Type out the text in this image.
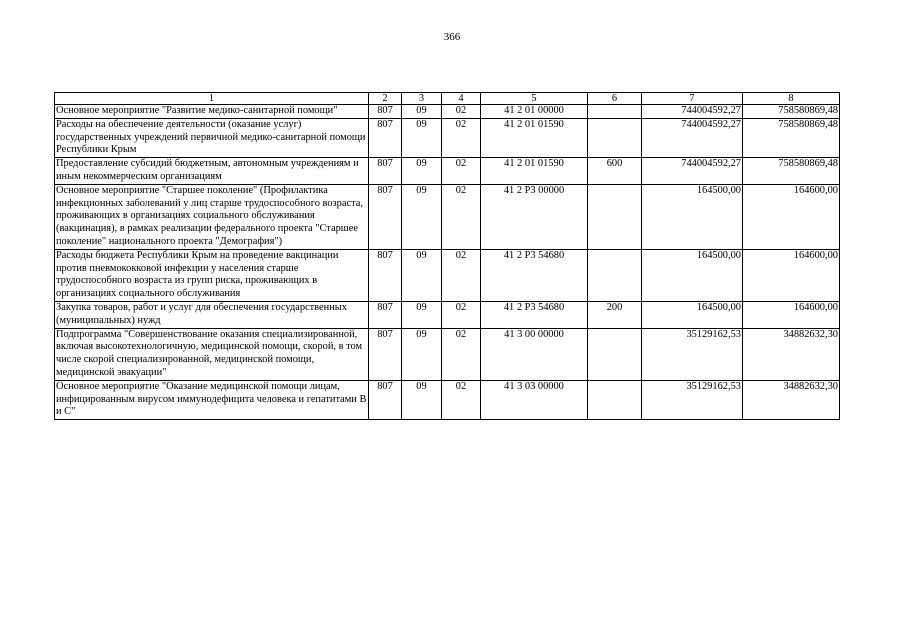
366
1	2	3	4	5	6	7	8
Основное мероприятие "Развитие медико-санитарной помощи"	807	09	02	41 2 01 00000		744004592,27	758580869,48
Расходы на обеспечение деятельности (оказание услуг) государственных учреждений первичной медико-санитарной помощи Республики Крым	807	09	02	41 2 01 01590		744004592,27	758580869,48
Предоставление субсидий бюджетным, автономным учреждениям и иным некоммерческим организациям	807	09	02	41 2 01 01590	600	744004592,27	758580869,48
Основное мероприятие "Старшее поколение" (Профилактика инфекционных заболеваний у лиц старше трудоспособного возраста, проживающих в организациях социального обслуживания (вакцинация), в рамках реализации федерального проекта "Старшее поколение" национального проекта "Демография")	807	09	02	41 2 P3 00000		164500,00	164600,00
Расходы бюджета Республики Крым на проведение вакцинации против пневмококковой инфекции у населения старше трудоспособного возраста из групп риска, проживающих в организациях социального обслуживания	807	09	02	41 2 P3 54680		164500,00	164600,00
Закупка товаров, работ и услуг для обеспечения государственных (муниципальных) нужд	807	09	02	41 2 P3 54680	200	164500,00	164600,00
Подпрограмма "Совершенствование оказания специализированной, включая высокотехнологичную, медицинской помощи, скорой, в том числе скорой специализированной, медицинской помощи, медицинской эвакуации"	807	09	02	41 3 00 00000		35129162,53	34882632,30
Основное мероприятие "Оказание медицинской помощи лицам, инфицированным вирусом иммунодефицита человека и гепатитами В и С"	807	09	02	41 3 03 00000		35129162,53	34882632,30
